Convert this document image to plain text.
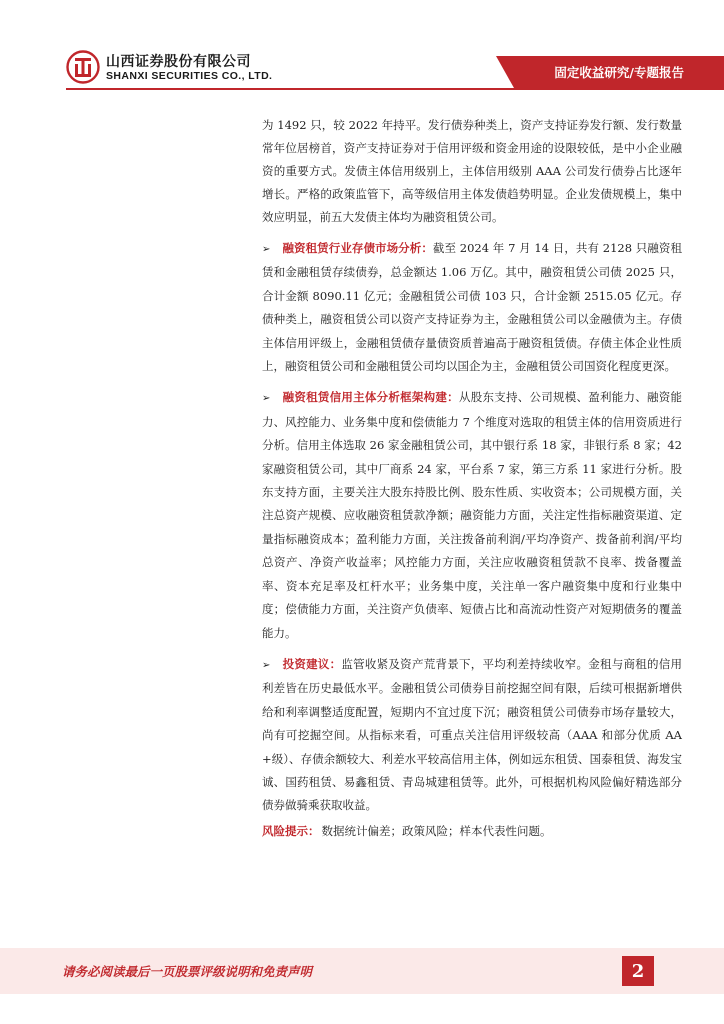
山西证券股份有限公司
SHANXI SECURITIES CO., LTD.	固定收益研究/专题报告

为 1492 只，较 2022 年持平。发行债券种类上，资产支持证券发行额、发行数量常年位居榜首，资产支持证券对于信用评级和资金用途的设限较低，是中小企业融资的重要方式。发债主体信用级别上，主体信用级别 AAA 公司发行债券占比逐年增长。严格的政策监管下，高等级信用主体发债趋势明显。企业发债规模上，集中效应明显，前五大发债主体均为融资租赁公司。

➢ 融资租赁行业存债市场分析：截至 2024 年 7 月 14 日，共有 2128 只融资租赁和金融租赁存续债券，总金额达 1.06 万亿。其中，融资租赁公司债 2025 只，合计金额 8090.11 亿元；金融租赁公司债 103 只，合计金额 2515.05 亿元。存债种类上，融资租赁公司以资产支持证券为主，金融租赁公司以金融债为主。存债主体信用评级上，金融租赁债存量债资质普遍高于融资租赁债。存债主体企业性质上，融资租赁公司和金融租赁公司均以国企为主，金融租赁公司国资化程度更深。

➢ 融资租赁信用主体分析框架构建：从股东支持、公司规模、盈利能力、融资能力、风控能力、业务集中度和偿债能力 7 个维度对选取的租赁主体的信用资质进行分析。信用主体选取 26 家金融租赁公司，其中银行系 18 家，非银行系 8 家；42 家融资租赁公司，其中厂商系 24 家，平台系 7 家，第三方系 11 家进行分析。股东支持方面，主要关注大股东持股比例、股东性质、实收资本；公司规模方面，关注总资产规模、应收融资租赁款净额；融资能力方面，关注定性指标融资渠道、定量指标融资成本；盈利能力方面，关注拨备前利润/平均净资产、拨备前利润/平均总资产、净资产收益率；风控能力方面，关注应收融资租赁款不良率、拨备覆盖率、资本充足率及杠杆水平；业务集中度，关注单一客户融资集中度和行业集中度；偿债能力方面，关注资产负债率、短债占比和高流动性资产对短期债务的覆盖能力。

➢ 投资建议：监管收紧及资产荒背景下，平均利差持续收窄。金租与商租的信用利差皆在历史最低水平。金融租赁公司债券目前挖掘空间有限，后续可根据新增供给和利率调整适度配置，短期内不宜过度下沉；融资租赁公司债券市场存量较大，尚有可挖掘空间。从指标来看，可重点关注信用评级较高（AAA 和部分优质 AA+级）、存债余额较大、利差水平较高信用主体，例如远东租赁、国泰租赁、海发宝诚、国药租赁、易鑫租赁、青岛城建租赁等。此外，可根据机构风险偏好精选部分债券做骑乘获取收益。

风险提示： 数据统计偏差；政策风险；样本代表性问题。

请务必阅读最后一页股票评级说明和免责声明	2
